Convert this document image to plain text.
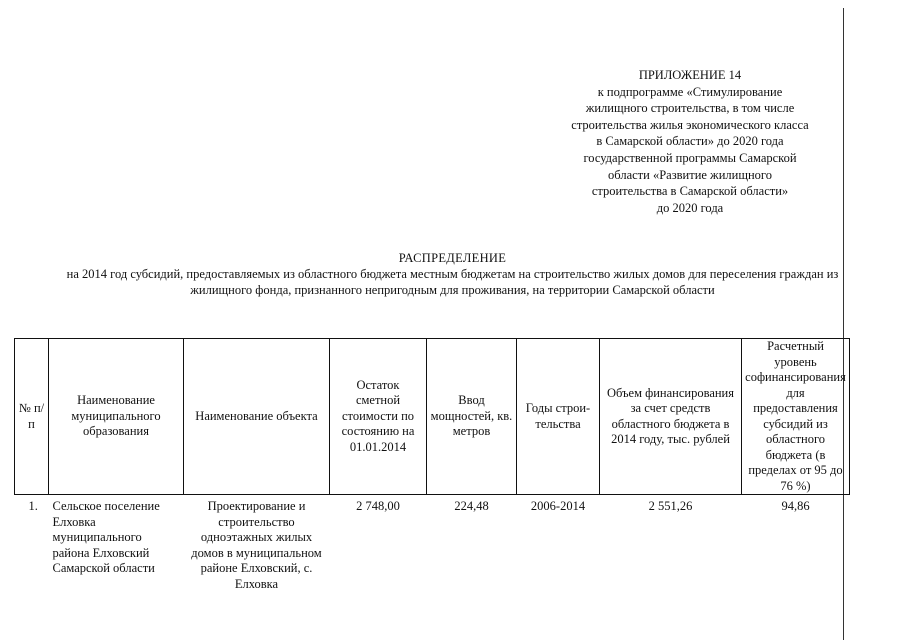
ПРИЛОЖЕНИЕ 14
к подпрограмме «Стимулирование
жилищного строительства, в том числе
строительства жилья экономического класса
в Самарской области» до 2020 года
государственной программы Самарской
области «Развитие жилищного
строительства в Самарской области»
до 2020 года
РАСПРЕДЕЛЕНИЕ
на 2014 год субсидий, предоставляемых из областного бюджета местным бюджетам на строительство жилых домов для переселения граждан из
жилищного фонда, признанного непригодным для проживания, на территории Самарской области
№ п/п	Наименование муниципального образования	Наименование объекта	Остаток сметной стоимости по состоянию на 01.01.2014	Ввод мощностей, кв. метров	Годы строи-тельства	Объем финансирования за счет средств областного бюджета в 2014 году, тыс. рублей	Расчетный уровень софинансирования для предоставления субсидий из областного бюджета (в пределах от 95 до 76 %)
1.	Сельское поселение Елховка муниципального района Елховский Самарской области	Проектирование и строительство одноэтажных жилых домов в муниципальном районе Елховский, с. Елховка	2 748,00	224,48	2006-2014	2 551,26	94,86
